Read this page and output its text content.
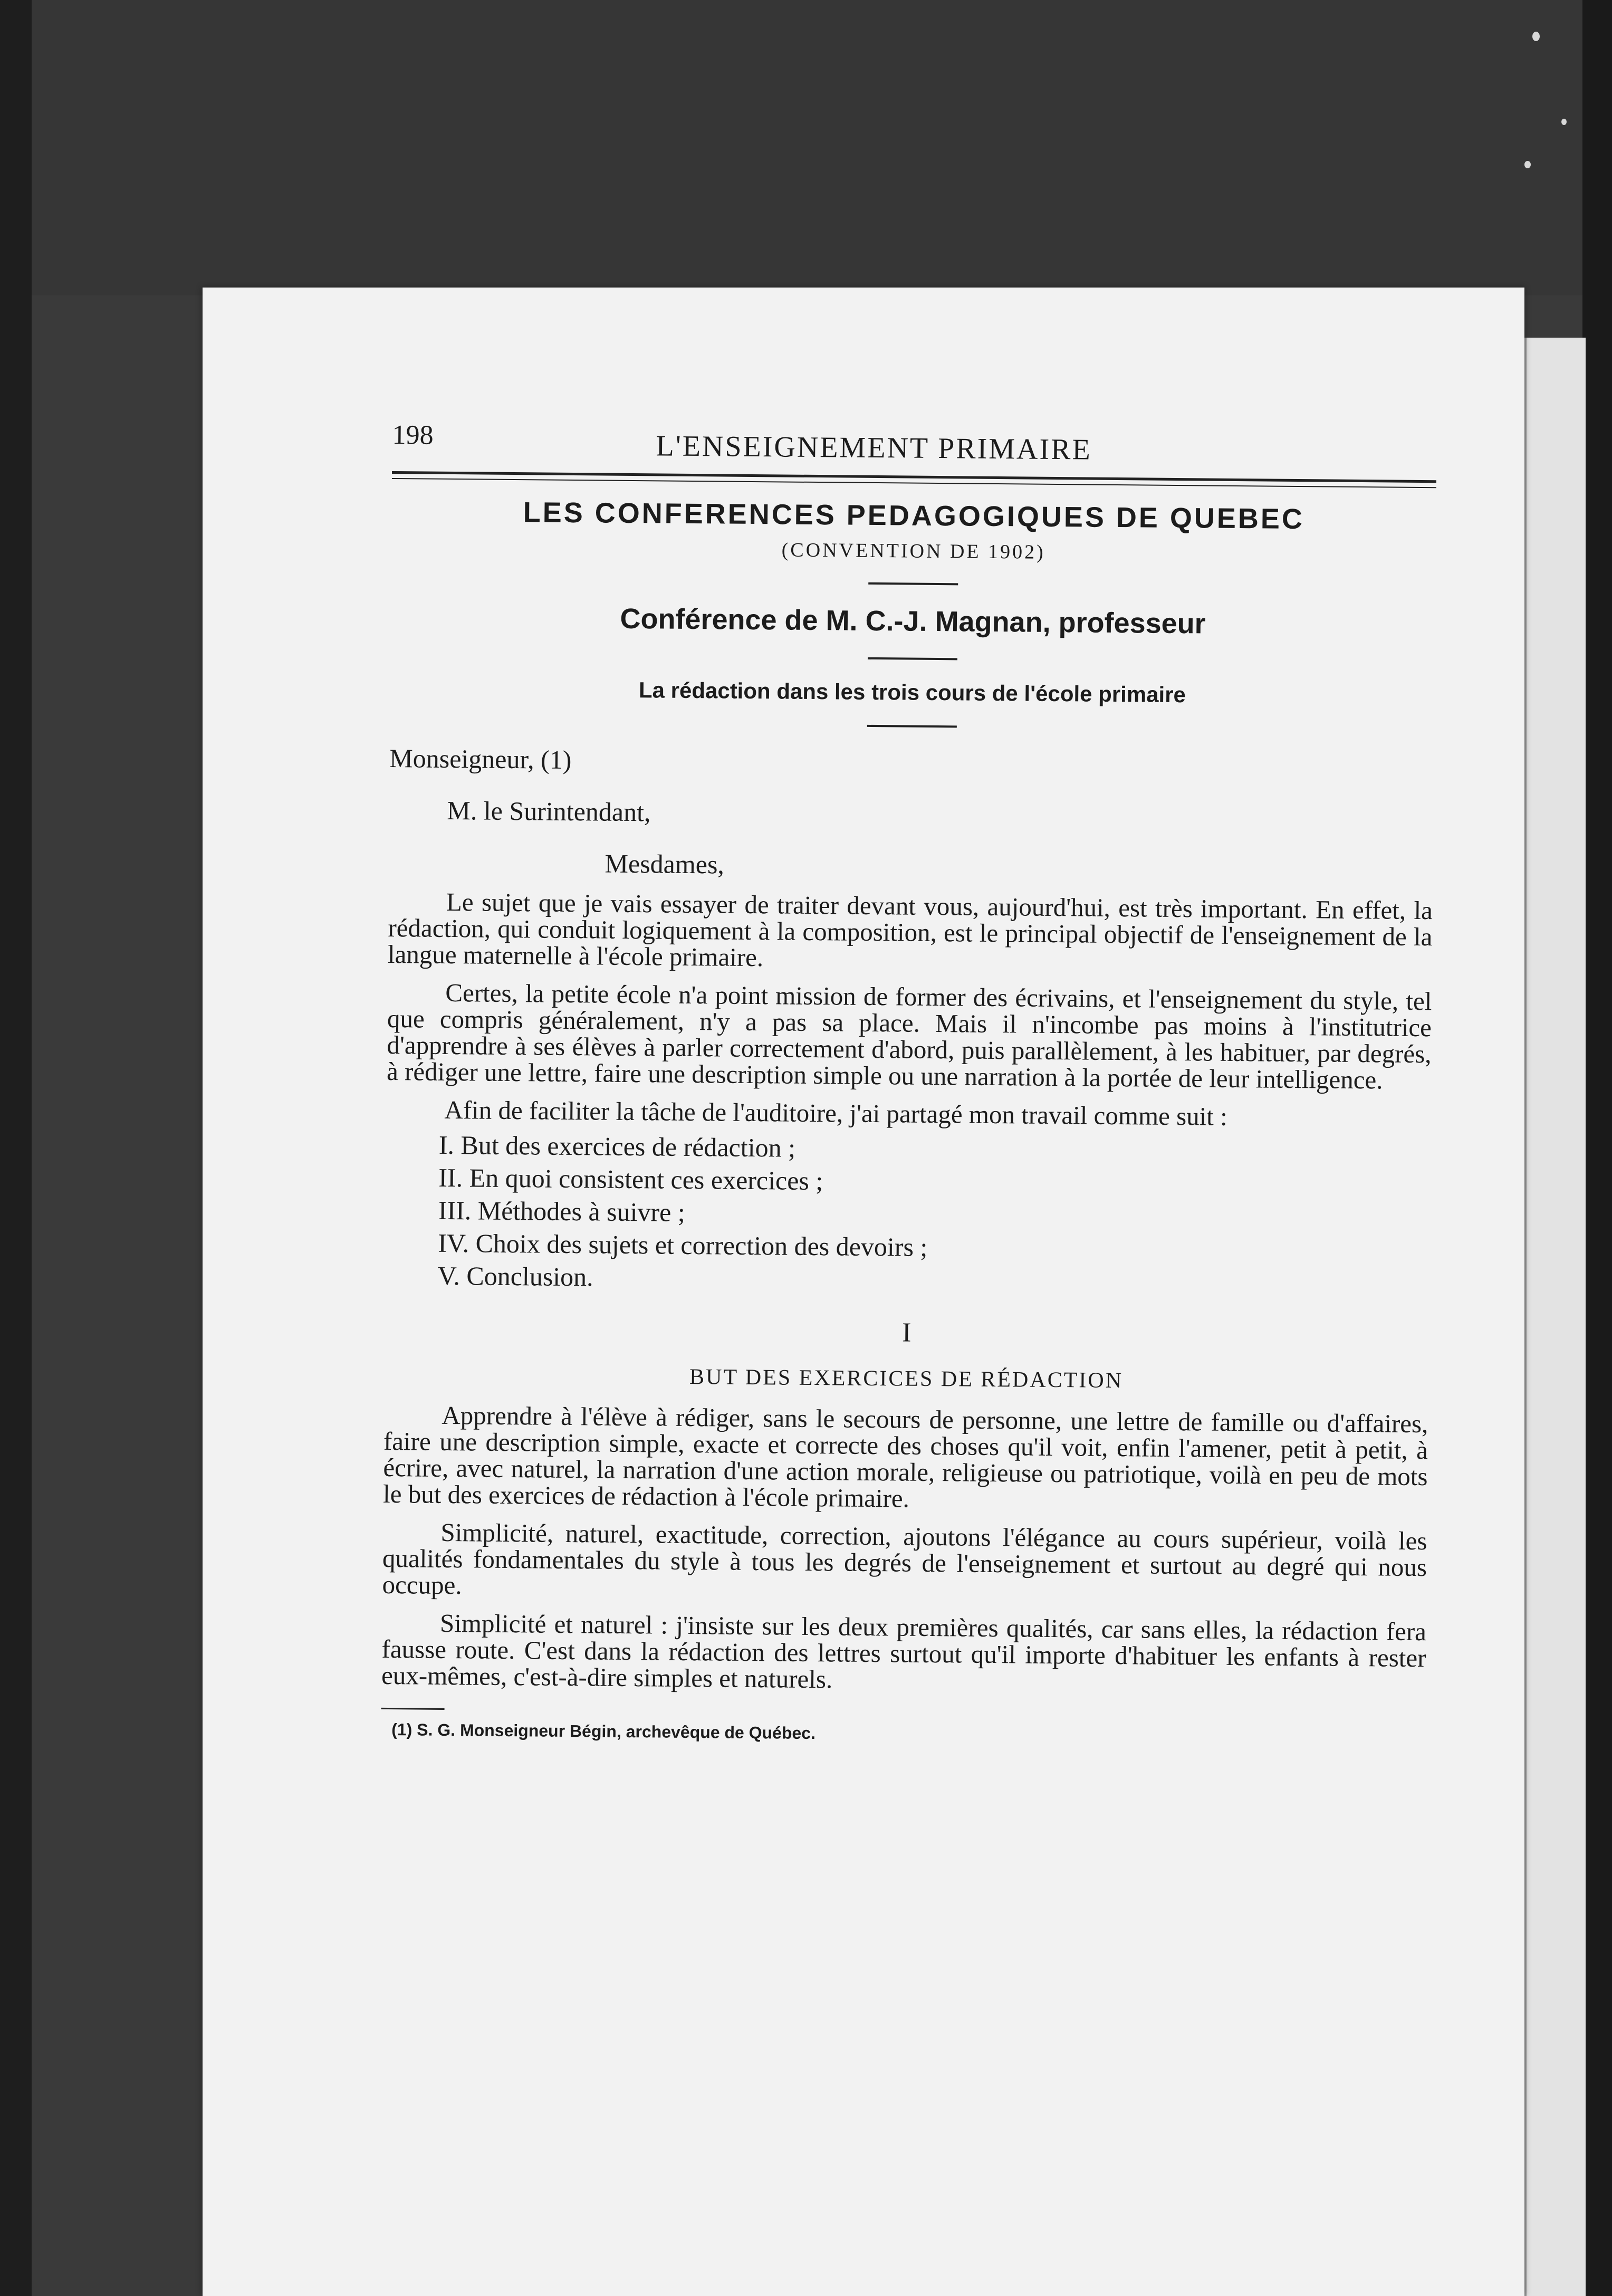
198	L'ENSEIGNEMENT PRIMAIRE
LES CONFERENCES PEDAGOGIQUES DE QUEBEC
(CONVENTION DE 1902)
Conférence de M. C.-J. Magnan, professeur
La rédaction dans les trois cours de l'école primaire
Monseigneur, (1)
M. le Surintendant,
Mesdames,

Le sujet que je vais essayer de traiter devant vous, aujourd'hui, est très important. En effet, la rédaction, qui conduit logiquement à la composition, est le principal objectif de l'enseignement de la langue maternelle à l'école primaire.

Certes, la petite école n'a point mission de former des écrivains, et l'enseignement du style, tel que compris généralement, n'y a pas sa place. Mais il n'incombe pas moins à l'institutrice d'apprendre à ses élèves à parler correctement d'abord, puis parallèlement, à les habituer, par degrés, à rédiger une lettre, faire une description simple ou une narration à la portée de leur intelligence.

Afin de faciliter la tâche de l'auditoire, j'ai partagé mon travail comme suit :

I. But des exercices de rédaction ;
II. En quoi consistent ces exercices ;
III. Méthodes à suivre ;
IV. Choix des sujets et correction des devoirs ;
V. Conclusion.
I
BUT DES EXERCICES DE RÉDACTION

Apprendre à l'élève à rédiger, sans le secours de personne, une lettre de famille ou d'affaires, faire une description simple, exacte et correcte des choses qu'il voit, enfin l'amener, petit à petit, à écrire, avec naturel, la narration d'une action morale, religieuse ou patriotique, voilà en peu de mots le but des exercices de rédaction à l'école primaire.

Simplicité, naturel, exactitude, correction, ajoutons l'élégance au cours supérieur, voilà les qualités fondamentales du style à tous les degrés de l'enseignement et surtout au degré qui nous occupe.

Simplicité et naturel : j'insiste sur les deux premières qualités, car sans elles, la rédaction fera fausse route. C'est dans la rédaction des lettres surtout qu'il importe d'habituer les enfants à rester eux-mêmes, c'est-à-dire simples et naturels.

(1) S. G. Monseigneur Bégin, archevêque de Québec.
